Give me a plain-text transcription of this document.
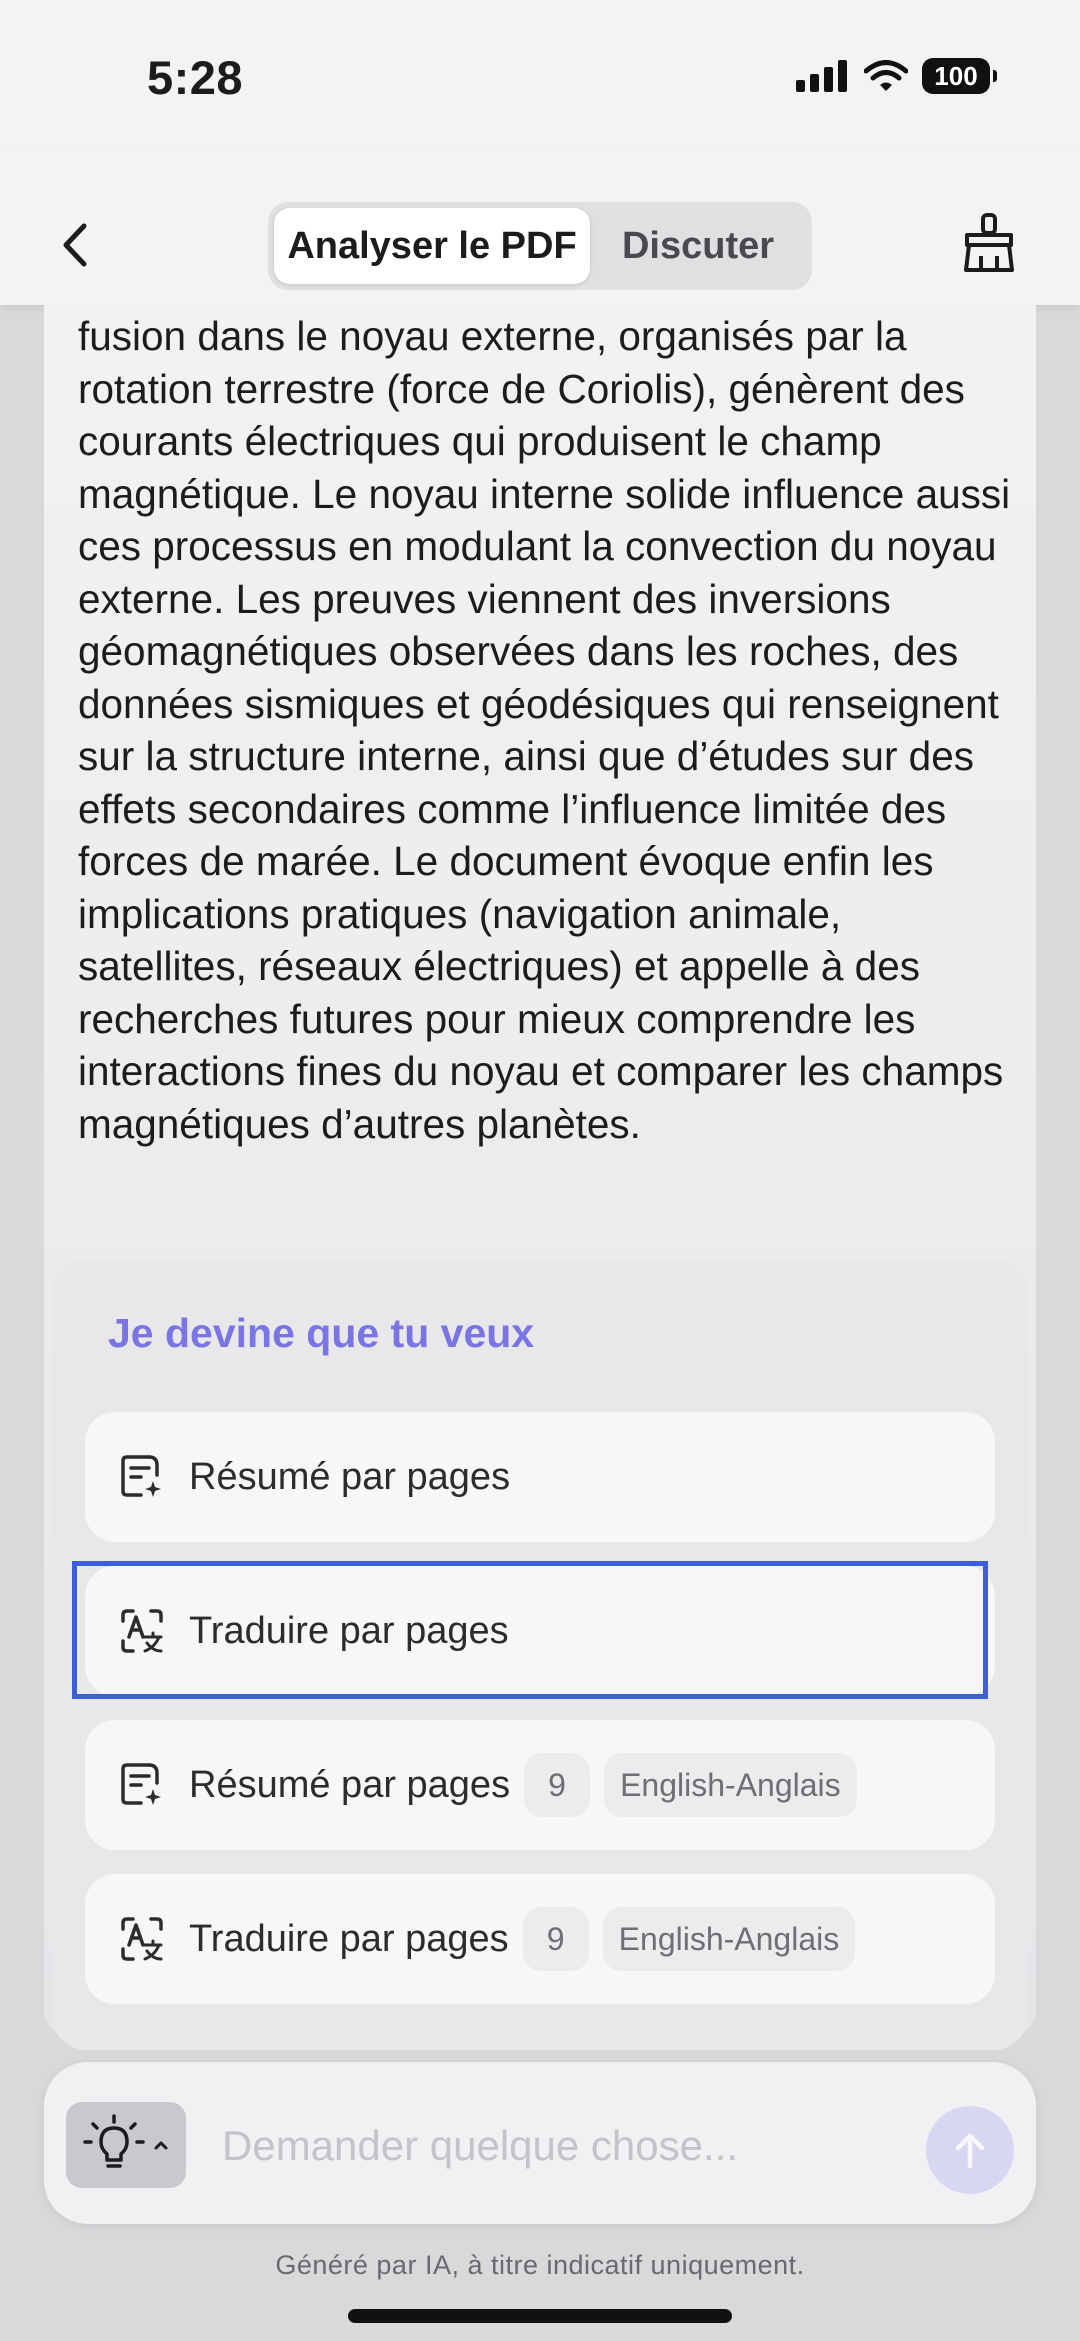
5:28	100
Analyser le PDF	Discuter

fusion dans le noyau externe, organisés par la rotation terrestre (force de Coriolis), génèrent des courants électriques qui produisent le champ magnétique. Le noyau interne solide influence aussi ces processus en modulant la convection du noyau externe. Les preuves viennent des inversions géomagnétiques observées dans les roches, des données sismiques et géodésiques qui renseignent sur la structure interne, ainsi que d’études sur des effets secondaires comme l’influence limitée des forces de marée. Le document évoque enfin les implications pratiques (navigation animale, satellites, réseaux électriques) et appelle à des recherches futures pour mieux comprendre les interactions fines du noyau et comparer les champs magnétiques d’autres planètes.

Je devine que tu veux
Résumé par pages
Traduire par pages
Résumé par pages	9	English-Anglais
Traduire par pages	9	English-Anglais
Demander quelque chose...
Généré par IA, à titre indicatif uniquement.
